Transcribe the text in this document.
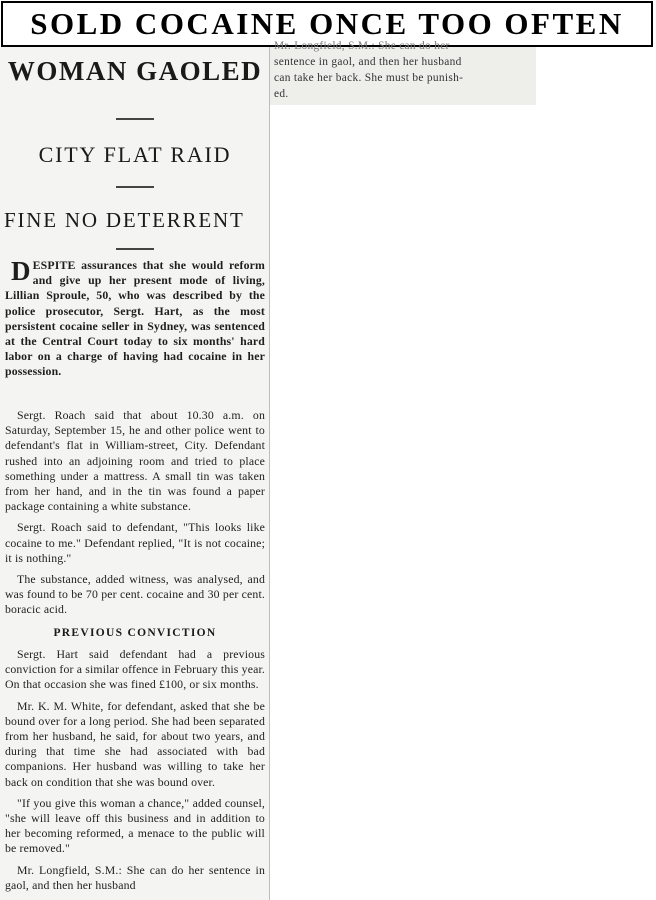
SOLD COCAINE ONCE TOO OFTEN
Mr. Longfield, S.M.: She can do her
sentence in gaol, and then her husband
can take her back. She must be punish-
ed.
WOMAN GAOLED
CITY FLAT RAID
FINE NO DETERRENT

DESPITE assurances that she would reform and give up her present mode of living, Lillian Sproule, 50, who was described by the police prosecutor, Sergt. Hart, as the most persistent cocaine seller in Sydney, was sentenced at the Central Court today to six months' hard labor on a charge of having had cocaine in her possession.

Sergt. Roach said that about 10.30 a.m. on Saturday, September 15, he and other police went to defendant's flat in William-street, City. Defendant rushed into an adjoining room and tried to place something under a mattress. A small tin was taken from her hand, and in the tin was found a paper package containing a white substance.

Sergt. Roach said to defendant, "This looks like cocaine to me." Defendant replied, "It is not cocaine; it is nothing."

The substance, added witness, was analysed, and was found to be 70 per cent. cocaine and 30 per cent. boracic acid.

PREVIOUS CONVICTION

Sergt. Hart said defendant had a previous conviction for a similar offence in February this year. On that occasion she was fined £100, or six months.

Mr. K. M. White, for defendant, asked that she be bound over for a long period. She had been separated from her husband, he said, for about two years, and during that time she had associated with bad companions. Her husband was willing to take her back on condition that she was bound over.

"If you give this woman a chance," added counsel, "she will leave off this business and in addition to her becoming reformed, a menace to the public will be removed."

Mr. Longfield, S.M.: She can do her sentence in gaol, and then her husband
